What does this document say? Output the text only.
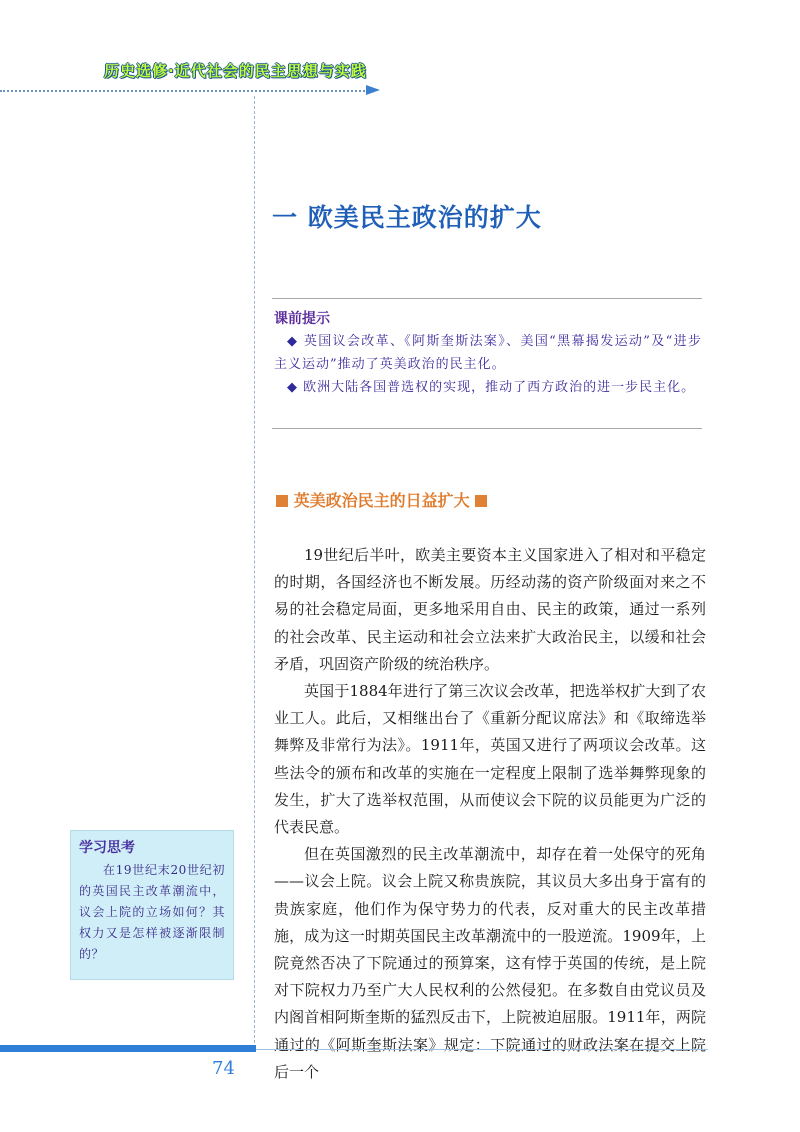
历史选修·近代社会的民主思想与实践
一 欧美民主政治的扩大
课前提示

◆ 英国议会改革、《阿斯奎斯法案》、美国“黑幕揭发运动”及“进步主义运动”推动了英美政治的民主化。

◆ 欧洲大陆各国普选权的实现，推动了西方政治的进一步民主化。

英美政治民主的日益扩大

19世纪后半叶，欧美主要资本主义国家进入了相对和平稳定的时期，各国经济也不断发展。历经动荡的资产阶级面对来之不易的社会稳定局面，更多地采用自由、民主的政策，通过一系列的社会改革、民主运动和社会立法来扩大政治民主，以缓和社会矛盾，巩固资产阶级的统治秩序。

英国于1884年进行了第三次议会改革，把选举权扩大到了农业工人。此后，又相继出台了《重新分配议席法》和《取缔选举舞弊及非常行为法》。1911年，英国又进行了两项议会改革。这些法令的颁布和改革的实施在一定程度上限制了选举舞弊现象的发生，扩大了选举权范围，从而使议会下院的议员能更为广泛的代表民意。

但在英国激烈的民主改革潮流中，却存在着一处保守的死角——议会上院。议会上院又称贵族院，其议员大多出身于富有的贵族家庭，他们作为保守势力的代表，反对重大的民主改革措施，成为这一时期英国民主改革潮流中的一股逆流。1909年，上院竟然否决了下院通过的预算案，这有悖于英国的传统，是上院对下院权力乃至广大人民权利的公然侵犯。在多数自由党议员及内阁首相阿斯奎斯的猛烈反击下，上院被迫屈服。1911年，两院通过的《阿斯奎斯法案》规定：下院通过的财政法案在提交上院后一个

学习思考
在19世纪末20世纪初的英国民主改革潮流中，议会上院的立场如何？其权力又是怎样被逐渐限制的？
74
